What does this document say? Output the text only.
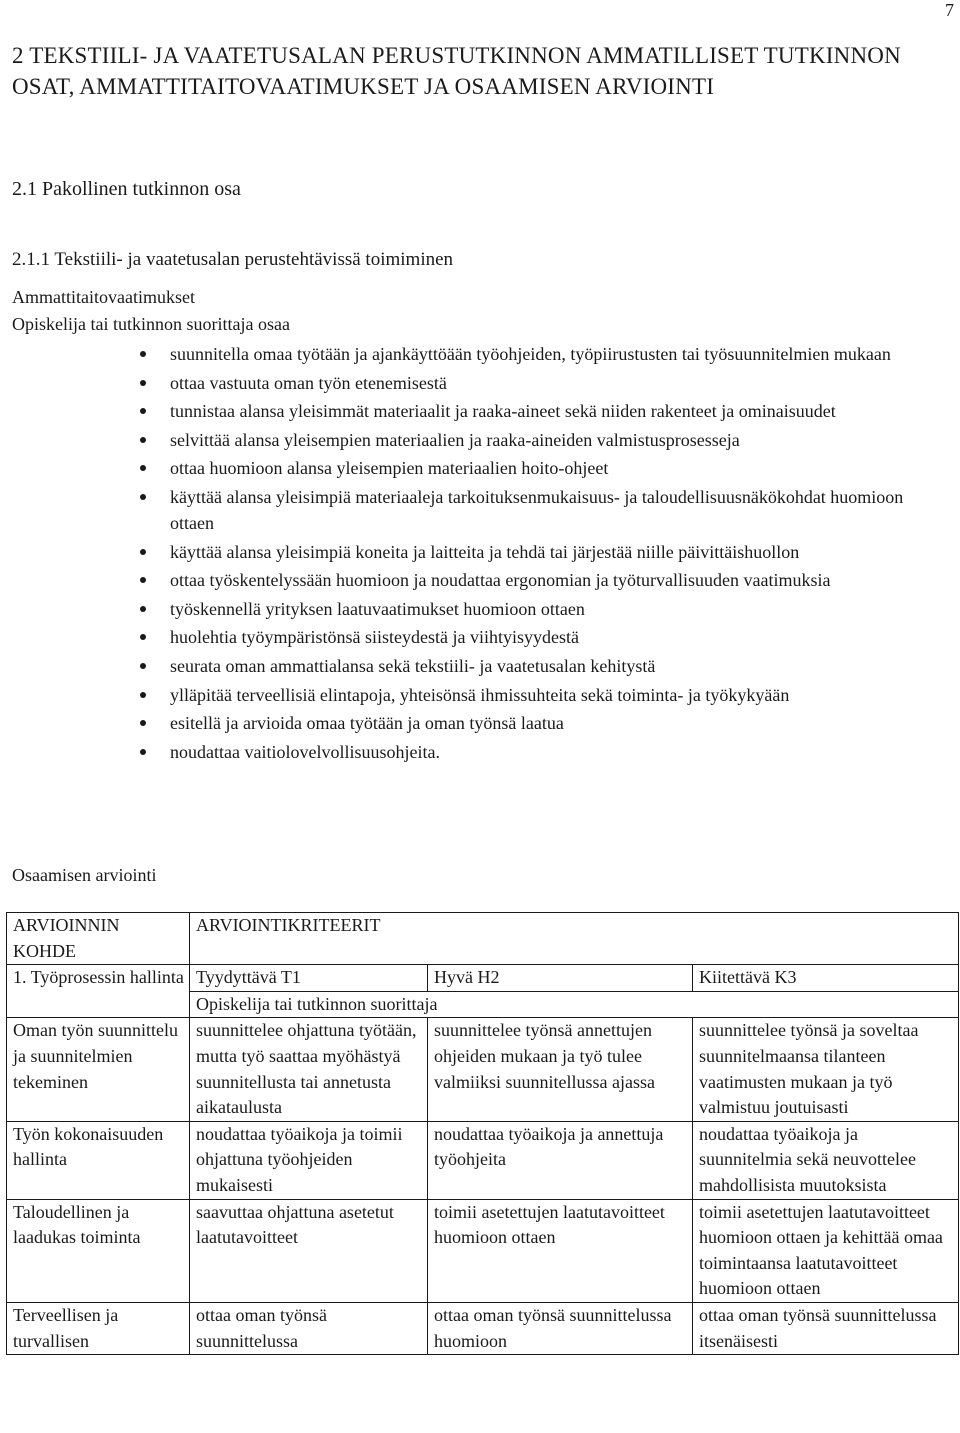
7
2 TEKSTIILI- JA VAATETUSALAN PERUSTUTKINNON AMMATILLISET TUTKINNON OSAT, AMMATTITAITOVAATIMUKSET JA OSAAMISEN ARVIOINTI
2.1 Pakollinen tutkinnon osa
2.1.1 Tekstiili- ja vaatetusalan perustehtävissä toimiminen
Ammattitaitovaatimukset
Opiskelija tai tutkinnon suorittaja osaa
suunnitella omaa työtään ja ajankäyttöään työohjeiden, työpiirustusten tai työsuunnitelmien mukaan
ottaa vastuuta oman työn etenemisestä
tunnistaa alansa yleisimmät materiaalit ja raaka-aineet sekä niiden rakenteet ja ominaisuudet
selvittää alansa yleisempien materiaalien ja raaka-aineiden valmistusprosesseja
ottaa huomioon alansa yleisempien materiaalien hoito-ohjeet
käyttää alansa yleisimpiä materiaaleja tarkoituksenmukaisuus- ja taloudellisuusnäkökohdat huomioon ottaen
käyttää alansa yleisimpiä koneita ja laitteita ja tehdä tai järjestää niille päivittäishuollon
ottaa työskentelyssään huomioon ja noudattaa ergonomian ja työturvallisuuden vaatimuksia
työskennellä yrityksen laatuvaatimukset huomioon ottaen
huolehtia työympäristönsä siisteydestä ja viihtyisyydestä
seurata oman ammattialansa sekä tekstiili- ja vaatetusalan kehitystä
ylläpitää terveellisiä elintapoja, yhteisönsä ihmissuhteita sekä toiminta- ja työkykyään
esitellä ja arvioida omaa työtään ja oman työnsä laatua
noudattaa vaitiolovelvollisuusohjeita.
Osaamisen arviointi
ARVIOINNIN KOHDE	ARVIOINTIKRITEERIT		
1. Työprosessin hallinta	Tyydyttävä T1	Hyvä H2	Kiitettävä K3
	Opiskelija tai tutkinnon suorittaja		
Oman työn suunnittelu ja suunnitelmien tekeminen	suunnittelee ohjattuna työtään, mutta työ saattaa myöhästyä suunnitellusta tai annetusta aikataulusta	suunnittelee työnsä annettujen ohjeiden mukaan ja työ tulee valmiiksi suunnitellussa ajassa	suunnittelee työnsä ja soveltaa suunnitelmaansa tilanteen vaatimusten mukaan ja työ valmistuu joutuisasti
Työn kokonaisuuden hallinta	noudattaa työaikoja ja toimii ohjattuna työohjeiden mukaisesti	noudattaa työaikoja ja annettuja työohjeita	noudattaa työaikoja ja suunnitelmia sekä neuvottelee mahdollisista muutoksista
Taloudellinen ja laadukas toiminta	saavuttaa ohjattuna asetetut laatutavoitteet	toimii asetettujen laatutavoitteet huomioon ottaen	toimii asetettujen laatutavoitteet huomioon ottaen ja kehittää omaa toimintaansa laatutavoitteet huomioon ottaen
Terveellisen ja turvallisen	ottaa oman työnsä suunnittelussa	ottaa oman työnsä suunnittelussa huomioon	ottaa oman työnsä suunnittelussa itsenäisesti
